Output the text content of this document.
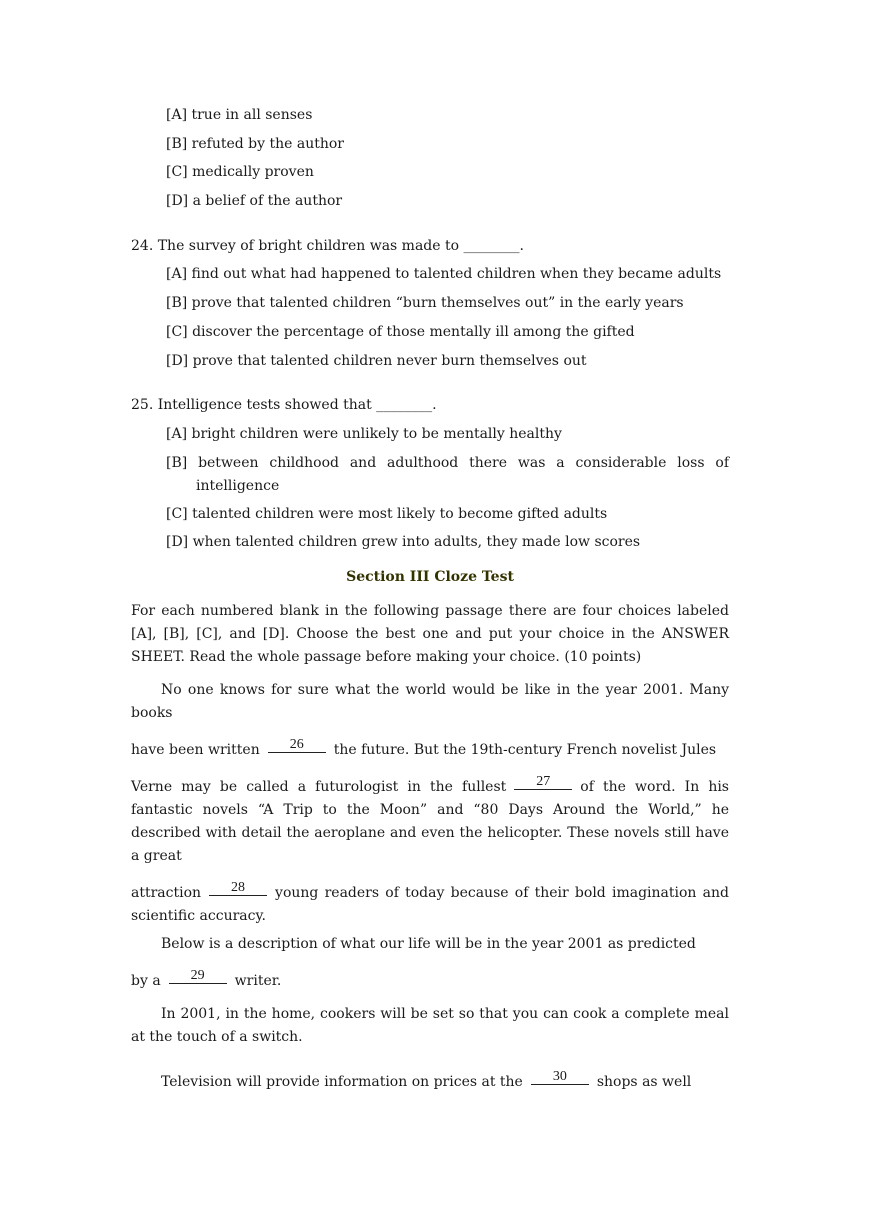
[A] true in all senses
[B] refuted by the author
[C] medically proven
[D] a belief of the author
24. The survey of bright children was made to ________.
[A] find out what had happened to talented children when they became adults
[B] prove that talented children “burn themselves out” in the early years
[C] discover the percentage of those mentally ill among the gifted
[D] prove that talented children never burn themselves out
25. Intelligence tests showed that ________.
[A] bright children were unlikely to be mentally healthy
[B] between childhood and adulthood there was a considerable loss of intelligence
[C] talented children were most likely to become gifted adults
[D] when talented children grew into adults, they made low scores
Section III Cloze Test
For each numbered blank in the following passage there are four choices labeled [A], [B], [C], and [D]. Choose the best one and put your choice in the ANSWER SHEET. Read the whole passage before making your choice. (10 points)
No one knows for sure what the world would be like in the year 2001. Many books
have been written 26 the future. But the 19th-century French novelist Jules
Verne may be called a futurologist in the fullest 27 of the word. In his fantastic novels “A Trip to the Moon” and “80 Days Around the World,” he described with detail the aeroplane and even the helicopter. These novels still have a great
attraction 28 young readers of today because of their bold imagination and scientific accuracy.
Below is a description of what our life will be in the year 2001 as predicted
by a 29 writer.
In 2001, in the home, cookers will be set so that you can cook a complete meal at the touch of a switch.
Television will provide information on prices at the 30 shops as well
